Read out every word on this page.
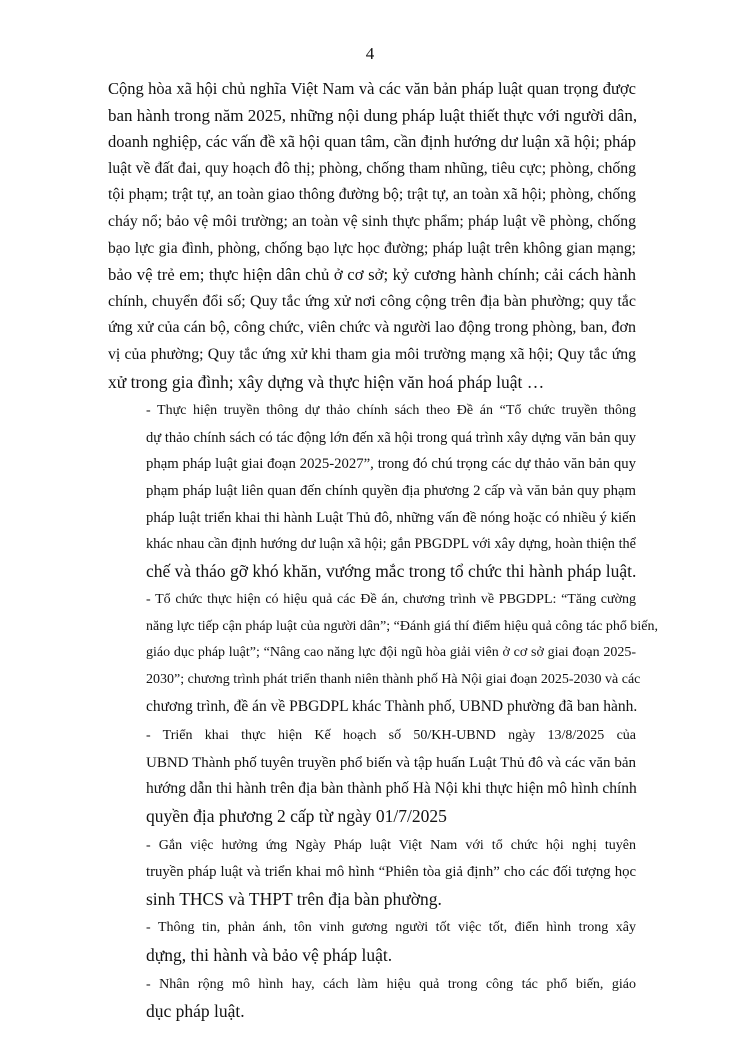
4

Cộng hòa xã hội chủ nghĩa Việt Nam và các văn bản pháp luật quan trọng được
ban hành trong năm 2025, những nội dung pháp luật thiết thực với người dân,
doanh nghiệp, các vấn đề xã hội quan tâm, cần định hướng dư luận xã hội; pháp
luật về đất đai, quy hoạch đô thị; phòng, chống tham nhũng, tiêu cực; phòng, chống
tội phạm; trật tự, an toàn giao thông đường bộ; trật tự, an toàn xã hội; phòng, chống
cháy nổ; bảo vệ môi trường; an toàn vệ sinh thực phẩm; pháp luật về phòng, chống
bạo lực gia đình, phòng, chống bạo lực học đường; pháp luật trên không gian mạng;
bảo vệ trẻ em; thực hiện dân chủ ở cơ sở; kỷ cương hành chính; cải cách hành
chính, chuyển đổi số; Quy tắc ứng xử nơi công cộng trên địa bàn phường; quy tắc
ứng xử của cán bộ, công chức, viên chức và người lao động trong phòng, ban, đơn
vị của phường; Quy tắc ứng xử khi tham gia môi trường mạng xã hội; Quy tắc ứng
xử trong gia đình; xây dựng và thực hiện văn hoá pháp luật …

- Thực hiện truyền thông dự thảo chính sách theo Đề án “Tổ chức truyền thông
dự thảo chính sách có tác động lớn đến xã hội trong quá trình xây dựng văn bản quy
phạm pháp luật giai đoạn 2025-2027”, trong đó chú trọng các dự thảo văn bản quy
phạm pháp luật liên quan đến chính quyền địa phương 2 cấp và văn bản quy phạm
pháp luật triển khai thi hành Luật Thủ đô, những vấn đề nóng hoặc có nhiều ý kiến
khác nhau cần định hướng dư luận xã hội; gắn PBGDPL với xây dựng, hoàn thiện thể
chế và tháo gỡ khó khăn, vướng mắc trong tổ chức thi hành pháp luật.

- Tổ chức thực hiện có hiệu quả các Đề án, chương trình về PBGDPL: “Tăng cường
năng lực tiếp cận pháp luật của người dân”; “Đánh giá thí điểm hiệu quả công tác phổ biến,
giáo dục pháp luật”; “Nâng cao năng lực đội ngũ hòa giải viên ở cơ sở giai đoạn 2025-
2030”; chương trình phát triển thanh niên thành phố Hà Nội giai đoạn 2025-2030 và các
chương trình, đề án về PBGDPL khác Thành phố, UBND phường đã ban hành.

- Triển khai thực hiện Kế hoạch số 50/KH-UBND ngày 13/8/2025 của
UBND Thành phố tuyên truyền phổ biến và tập huấn Luật Thủ đô và các văn bản
hướng dẫn thi hành trên địa bàn thành phố Hà Nội khi thực hiện mô hình chính
quyền địa phương 2 cấp từ ngày 01/7/2025

- Gắn việc hưởng ứng Ngày Pháp luật Việt Nam với tổ chức hội nghị tuyên
truyền pháp luật và triển khai mô hình “Phiên tòa giả định” cho các đối tượng học
sinh THCS và THPT trên địa bàn phường.

- Thông tin, phản ánh, tôn vinh gương người tốt việc tốt, điển hình trong xây
dựng, thi hành và bảo vệ pháp luật.

- Nhân rộng mô hình hay, cách làm hiệu quả trong công tác phổ biến, giáo
dục pháp luật.
